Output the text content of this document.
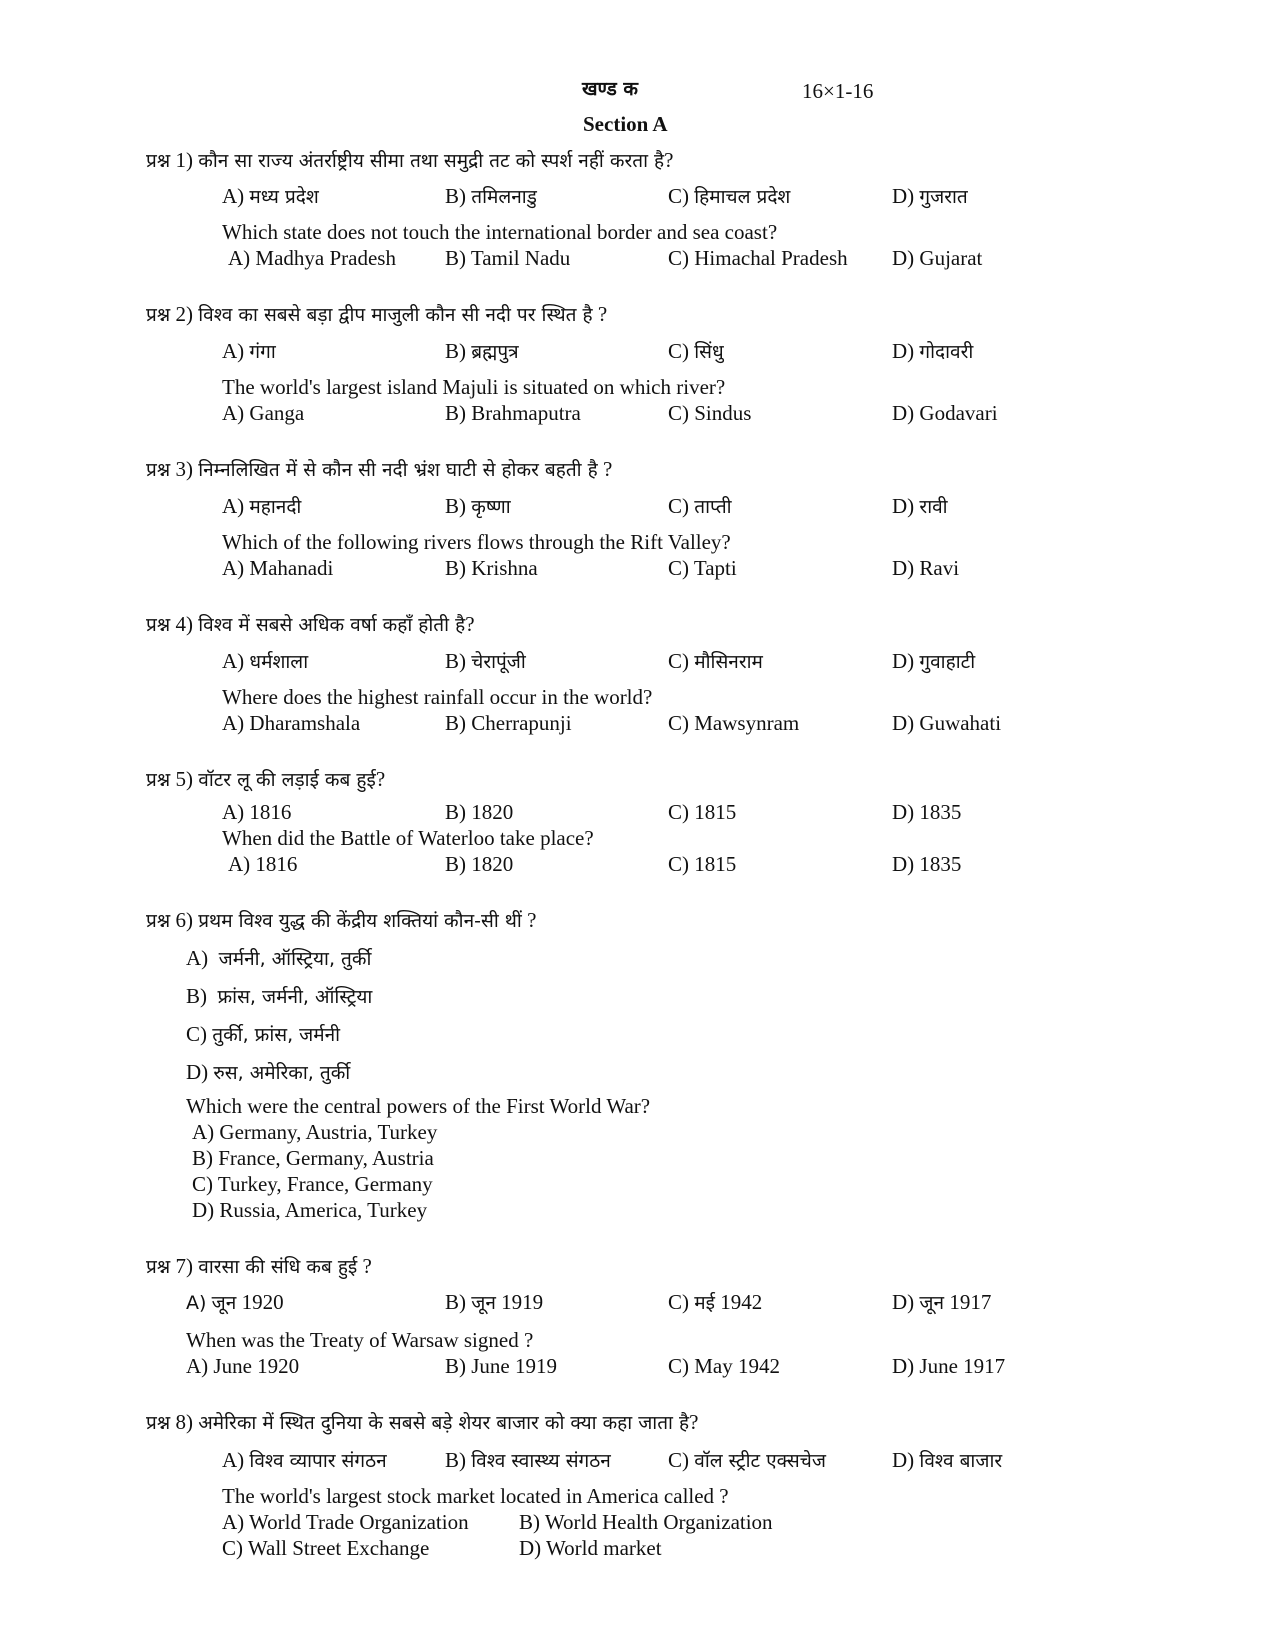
खण्ड क	16×1-16
Section A
प्रश्न 1) कौन सा राज्य अंतर्राष्ट्रीय सीमा तथा समुद्री तट को स्पर्श नहीं करता है?
A) मध्य प्रदेश	B) तमिलनाडु	C) हिमाचल प्रदेश	D) गुजरात
Which state does not touch the international border and sea coast?
A) Madhya Pradesh B) Tamil Nadu	C) Himachal Pradesh D) Gujarat
प्रश्न 2) विश्व का सबसे बड़ा द्वीप माजुली कौन सी नदी पर स्थित है ?
A) गंगा	B) ब्रह्मपुत्र	C) सिंधु	D) गोदावरी
The world's largest island Majuli is situated on which river?
A) Ganga	B) Brahmaputra	C) Sindus	D) Godavari
प्रश्न 3) निम्नलिखित में से कौन सी नदी भ्रंश घाटी से होकर बहती है ?
A) महानदी	B) कृष्णा	C) ताप्ती	D) रावी
Which of the following rivers flows through the Rift Valley?
A) Mahanadi	B) Krishna	C) Tapti	D) Ravi
प्रश्न 4) विश्व में सबसे अधिक वर्षा कहाँ होती है?
A) धर्मशाला	B) चेरापूंजी	C) मौसिनराम	D) गुवाहाटी
Where does the highest rainfall occur in the world?
A) Dharamshala	B) Cherrapunji	C) Mawsynram	D) Guwahati
प्रश्न 5) वॉटर लू की लड़ाई कब हुई?
A) 1816	B) 1820	C) 1815	D) 1835
When did the Battle of Waterloo take place?
A) 1816	B) 1820	C) 1815	D) 1835
प्रश्न 6) प्रथम विश्व युद्ध की केंद्रीय शक्तियां कौन-सी थीं ?
A) जर्मनी, ऑस्ट्रिया, तुर्की
B) फ्रांस, जर्मनी, ऑस्ट्रिया
C) तुर्की, फ्रांस, जर्मनी
D) रुस, अमेरिका, तुर्की
Which were the central powers of the First World War?
A) Germany, Austria, Turkey
B) France, Germany, Austria
C) Turkey, France, Germany
D) Russia, America, Turkey
प्रश्न 7) वारसा की संधि कब हुई ?
A) जून 1920	B) जून 1919	C) मई 1942	D) जून 1917
When was the Treaty of Warsaw signed ?
A) June 1920	B) June 1919	C) May 1942	D) June 1917
प्रश्न 8) अमेरिका में स्थित दुनिया के सबसे बड़े शेयर बाजार को क्या कहा जाता है?
A) विश्व व्यापार संगठन	B) विश्व स्वास्थ्य संगठन	C) वॉल स्ट्रीट एक्सचेज	D) विश्व बाजार
The world's largest stock market located in America called ?
A) World Trade Organization B) World Health Organization
C) Wall Street Exchange	D) World market
